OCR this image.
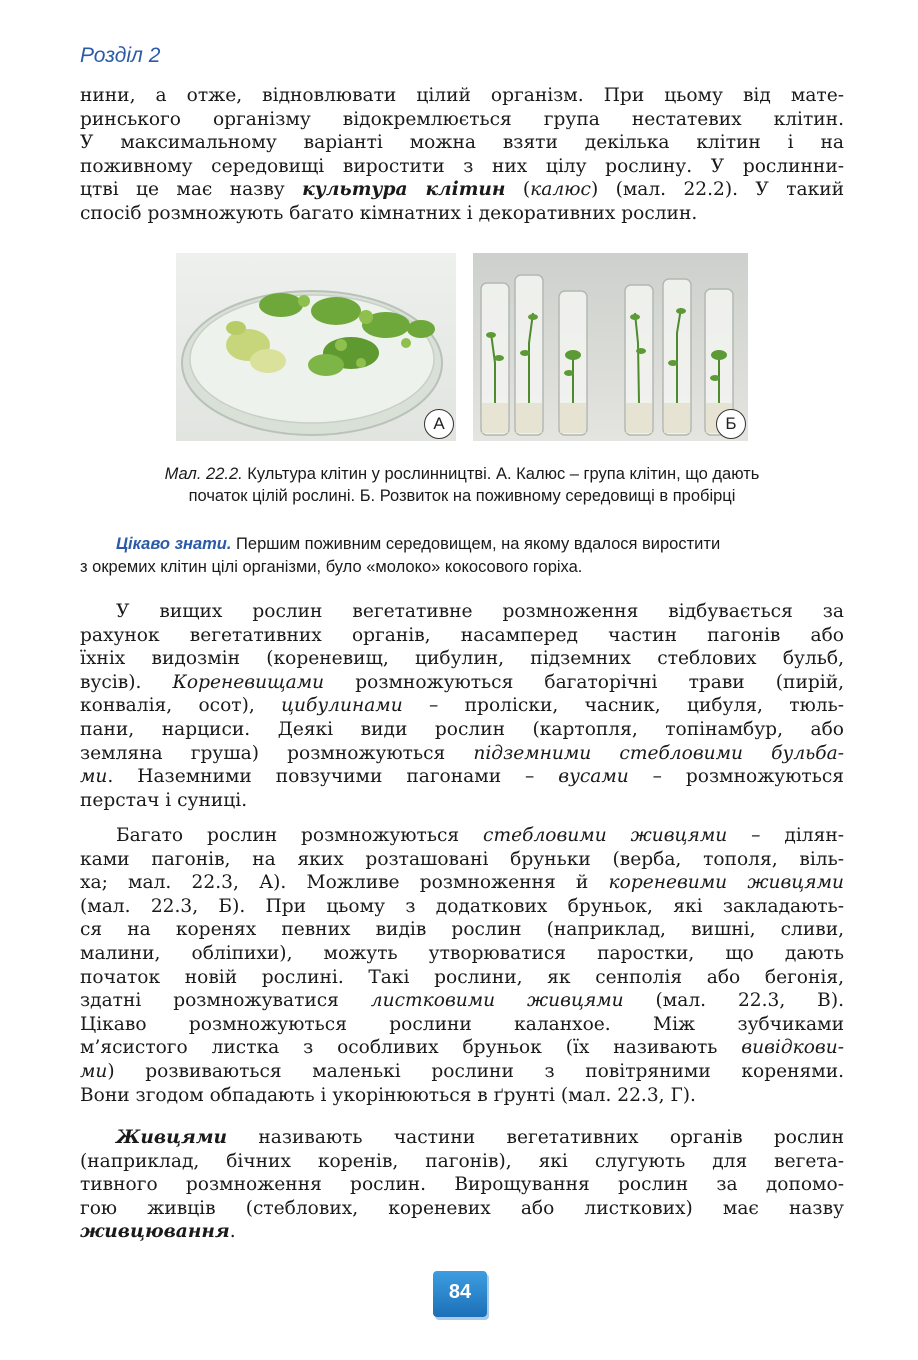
Розділ 2
нини, а отже, відновлювати цілий організм. При цьому від мате-
ринського організму відокремлюється група нестатевих клітин.
У максимальному варіанті можна взяти декілька клітин і на
поживному середовищі виростити з них цілу рослину. У рослинни-
цтві це має назву культура клітин (калюс) (мал. 22.2). У такий
спосіб розмножують багато кімнатних і декоративних рослин.
А	Б
Мал. 22.2. Культура клітин у рослинництві. А. Калюс – група клітин, що дають
початок цілій рослині. Б. Розвиток на поживному середовищі в пробірці
Цікаво знати. Першим поживним середовищем, на якому вдалося виростити
з окремих клітин цілі організми, було «молоко» кокосового горіха.
У вищих рослин вегетативне розмноження відбувається за
рахунок вегетативних органів, насамперед частин пагонів або
їхніх видозмін (кореневищ, цибулин, підземних стеблових бульб,
вусів). Кореневищами розмножуються багаторічні трави (пирій,
конвалія, осот), цибулинами – проліски, часник, цибуля, тюль-
пани, нарциси. Деякі види рослин (картопля, топінамбур, або
земляна груша) розмножуються підземними стебловими бульба-
ми. Наземними повзучими пагонами – вусами – розмножуються
перстач і суниці.
Багато рослин розмножуються стебловими живцями – ділян-
ками пагонів, на яких розташовані бруньки (верба, тополя, віль-
ха; мал. 22.3, А). Можливе розмноження й кореневими живцями
(мал. 22.3, Б). При цьому з додаткових бруньок, які закладають-
ся на коренях певних видів рослин (наприклад, вишні, сливи,
малини, обліпихи), можуть утворюватися паростки, що дають
початок новій рослині. Такі рослини, як сенполія або бегонія,
здатні розмножуватися листковими живцями (мал. 22.3, В).
Цікаво розмножуються рослини каланхое. Між зубчиками
м’ясистого листка з особливих бруньок (їх називають вивідкови-
ми) розвиваються маленькі рослини з повітряними коренями.
Вони згодом обпадають і укорінюються в ґрунті (мал. 22.3, Г).
Живцями називають частини вегетативних органів рослин
(наприклад, бічних коренів, пагонів), які слугують для вегета-
тивного розмноження рослин. Вирощування рослин за допомо-
гою живців (стеблових, кореневих або листкових) має назву
живцювання.
84
